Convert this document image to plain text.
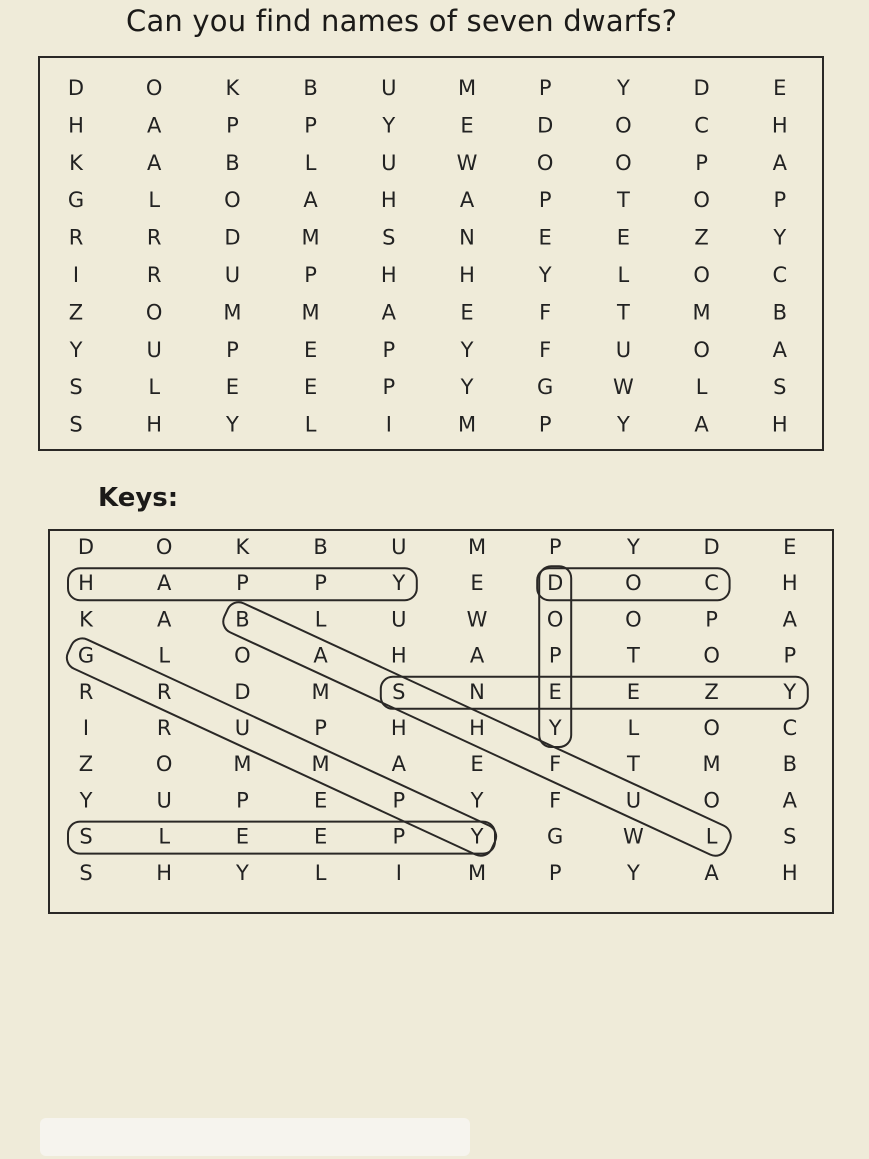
Can you find names of seven dwarfs?
D	O	K	B	U	M	P	Y	D	E
H	A	P	P	Y	E	D	O	C	H
K	A	B	L	U	W	O	O	P	A
G	L	O	A	H	A	P	T	O	P
R	R	D	M	S	N	E	E	Z	Y
I	R	U	P	H	H	Y	L	O	C
Z	O	M	M	A	E	F	T	M	B
Y	U	P	E	P	Y	F	U	O	A
S	L	E	E	P	Y	G	W	L	S
S	H	Y	L	I	M	P	Y	A	H
Keys:
D	O	K	B	U	M	P	Y	D	E
H	A	P	P	Y	E	D	O	C	H
K	A	B	L	U	W	O	O	P	A
G	L	O	A	H	A	P	T	O	P
R	R	D	M	S	N	E	E	Z	Y
I	R	U	P	H	H	Y	L	O	C
Z	O	M	M	A	E	F	T	M	B
Y	U	P	E	P	Y	F	U	O	A
S	L	E	E	P	Y	G	W	L	S
S	H	Y	L	I	M	P	Y	A	H
